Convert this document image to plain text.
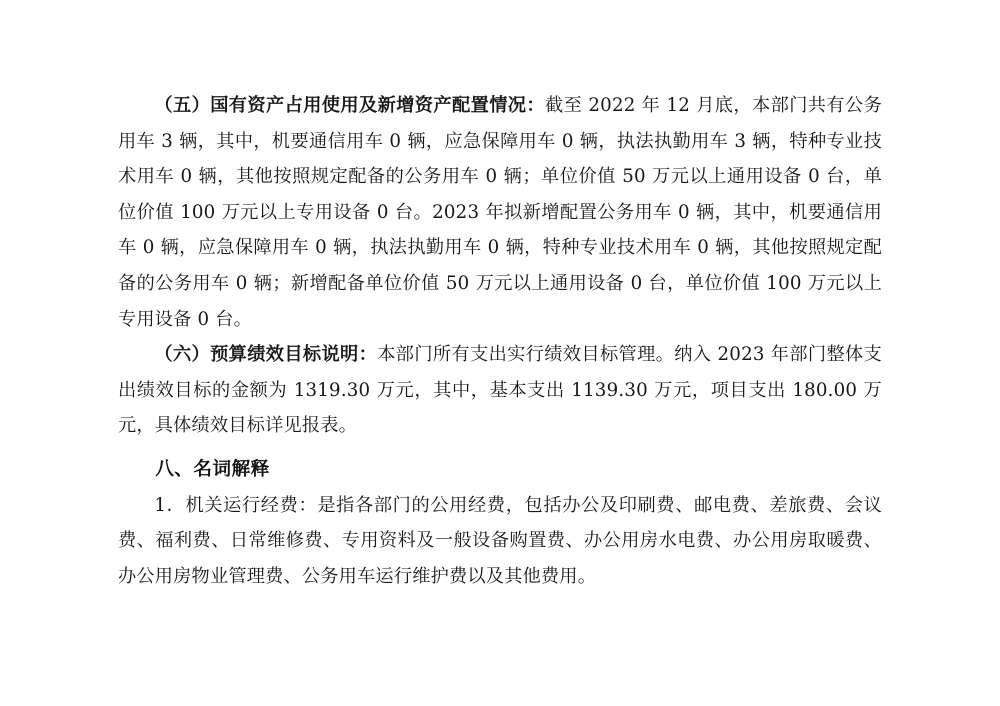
（五）国有资产占用使用及新增资产配置情况：截至 2022 年 12 月底，本部门共有公务用车 3 辆，其中，机要通信用车 0 辆，应急保障用车 0 辆，执法执勤用车 3 辆，特种专业技术用车 0 辆，其他按照规定配备的公务用车 0 辆；单位价值 50 万元以上通用设备 0 台，单位价值 100 万元以上专用设备 0 台。2023 年拟新增配置公务用车 0 辆，其中，机要通信用车 0 辆，应急保障用车 0 辆，执法执勤用车 0 辆，特种专业技术用车 0 辆，其他按照规定配备的公务用车 0 辆；新增配备单位价值 50 万元以上通用设备 0 台，单位价值 100 万元以上专用设备 0 台。

（六）预算绩效目标说明：本部门所有支出实行绩效目标管理。纳入 2023 年部门整体支出绩效目标的金额为 1319.30 万元，其中，基本支出 1139.30 万元，项目支出 180.00 万元，具体绩效目标详见报表。

八、名词解释

1．机关运行经费：是指各部门的公用经费，包括办公及印刷费、邮电费、差旅费、会议费、福利费、日常维修费、专用资料及一般设备购置费、办公用房水电费、办公用房取暖费、办公用房物业管理费、公务用车运行维护费以及其他费用。
